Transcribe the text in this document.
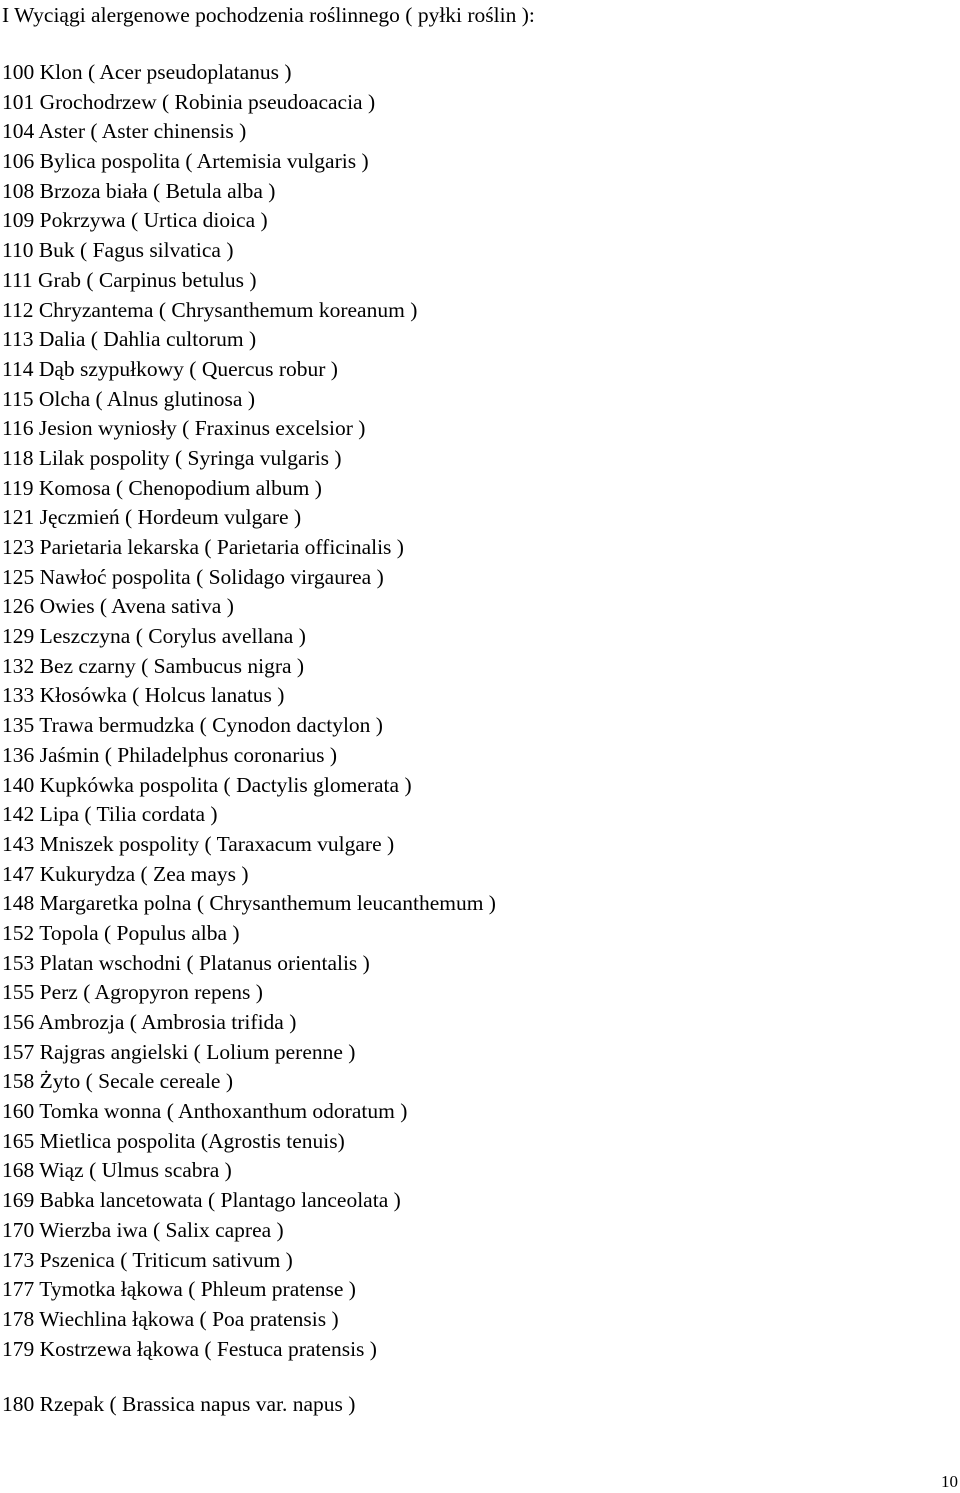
I Wyciągi alergenowe pochodzenia roślinnego ( pyłki roślin ):
100 Klon ( Acer pseudoplatanus )
101 Grochodrzew ( Robinia pseudoacacia )
104 Aster ( Aster chinensis )
106 Bylica pospolita ( Artemisia vulgaris )
108 Brzoza biała ( Betula alba )
109 Pokrzywa ( Urtica dioica )
110 Buk ( Fagus silvatica )
111 Grab ( Carpinus betulus )
112 Chryzantema ( Chrysanthemum koreanum )
113 Dalia ( Dahlia cultorum )
114 Dąb szypułkowy ( Quercus robur )
115 Olcha ( Alnus glutinosa )
116 Jesion wyniosły ( Fraxinus excelsior )
118 Lilak pospolity ( Syringa vulgaris )
119 Komosa ( Chenopodium album )
121 Jęczmień ( Hordeum vulgare )
123 Parietaria lekarska ( Parietaria officinalis )
125 Nawłoć pospolita ( Solidago virgaurea )
126 Owies ( Avena sativa )
129 Leszczyna ( Corylus avellana )
132 Bez czarny ( Sambucus nigra )
133 Kłosówka ( Holcus lanatus )
135 Trawa bermudzka ( Cynodon dactylon )
136 Jaśmin ( Philadelphus coronarius )
140 Kupkówka pospolita ( Dactylis glomerata )
142 Lipa ( Tilia cordata )
143 Mniszek pospolity ( Taraxacum vulgare )
147 Kukurydza ( Zea mays )
148 Margaretka polna ( Chrysanthemum leucanthemum )
152 Topola ( Populus alba )
153 Platan wschodni ( Platanus orientalis )
155 Perz ( Agropyron repens )
156 Ambrozja ( Ambrosia trifida )
157 Rajgras angielski ( Lolium perenne )
158 Żyto ( Secale cereale )
160 Tomka wonna ( Anthoxanthum odoratum )
165 Mietlica pospolita (Agrostis tenuis)
168 Wiąz ( Ulmus scabra )
169 Babka lancetowata ( Plantago lanceolata )
170 Wierzba iwa ( Salix caprea )
173 Pszenica ( Triticum sativum )
177 Tymotka łąkowa ( Phleum pratense )
178 Wiechlina łąkowa ( Poa pratensis )
179 Kostrzewa łąkowa ( Festuca pratensis )
180 Rzepak ( Brassica napus var. napus )
10
